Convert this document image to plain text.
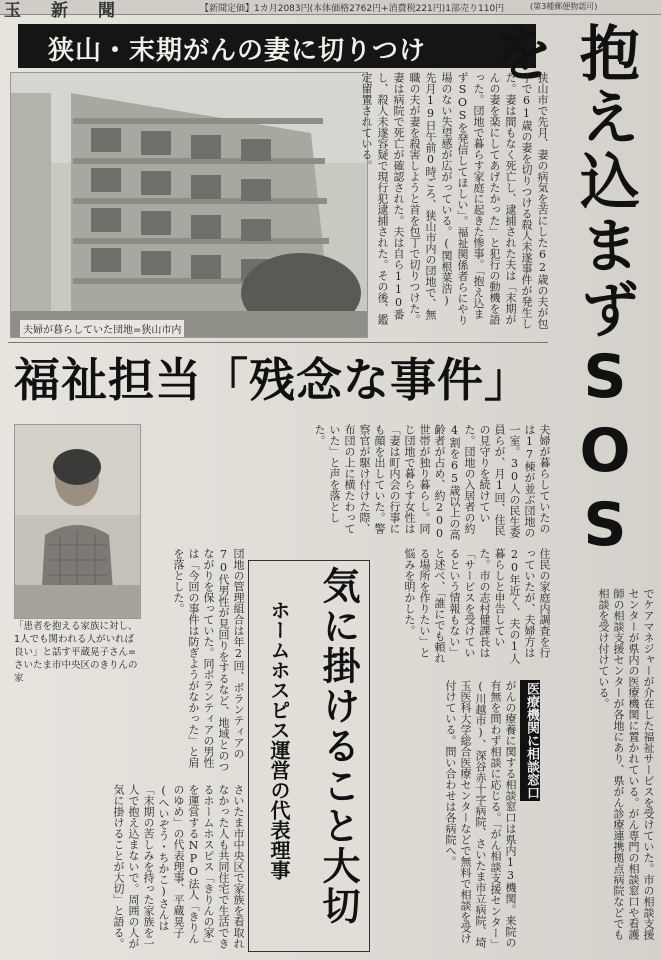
玉新聞	【新聞定価】1カ月2083円(本体価格2762円+消費税221円)1部売り110円	(第3種郵便物認可)
狭山・末期がんの妻に切りつけ 抱え込まずSOSを
夫婦が暮らしていた団地=狭山市内
狭山市で先月、妻の病気を苦にした62歳の夫が包丁で61歳の妻を切りつける殺人未遂事件が発生した。妻は間もなく死亡し、逮捕された夫は「末期がんの妻を楽にしてあげたかった」と犯行の動機を語った。団地で暮らす家庭に起きた惨事。「抱え込まずSOSを発信してほしい」。福祉関係者らにやり場のない失望感が広がっている。(関根菜浩) 先月19日午前0時ごろ、狭山市内の団地で、無職の夫が妻を殺害しようと首を包丁で切りつけた。妻は病院で死亡が確認された。夫は自ら110番し、殺人未遂容疑で現行犯逮捕された。その後、鑑定留置されている。
福祉担当「残念な事件」
夫婦が暮らしていたのは17棟が並ぶ団地の一室。30人の民生委員らが、月1回、住民の見守りを続けていた。団地の入居者の約4割を65歳以上の高齢者が占め、約200世帯が独り暮らし。同じ団地で暮らす女性は「妻は町内会の行事にも顔を出していた。警察官が駆け付けた際、布団の上に横たわっていた」と声を落とした。
「患者を抱える家族に対し、1人でも関われる人がいれば良い」と話す平蔵晃子さん=さいたま市中央区のきりんの家	団地の管理組合は年2回、ボランティアの70代男性が見回りをするなど、地域とのつながりを保っていた。同ボランティアの男性は「今回の事件は防ぎようがなかった」と肩を落とした。	気に掛けること大切
ホームホスピス運営の代表理事	住民の家庭内調査を行っていたが、夫婦方は20年近く、夫の1人暮らしと申告していた。市の志村健課長は「サービスを受けているという情報もない」と述べ、「誰にでも頼れる場所を作りたい」と悩みを明かした。	でケアマネジャーが介在した福祉サービスを受けていた。市の相談支援センターが県内の医療機関に置かれている。がん専門の相談窓口や看護師の相談支援センターが各地にあり、県がん診療連携拠点病院などでも相談を受け付けている。
医療機関に相談窓口
がんの療養に関する相談窓口は県内13機関。来院の有無を問わず相談に応じる。「がん相談支援センター」(川越市)、深谷赤十字病院、さいたま市立病院、埼玉医科大学総合医療センターなどで無料で相談を受け付けている。問い合わせは各病院へ。
さいたま市中央区で家族を看取れなかった人も共同住宅で生活できるホームホスピス「きりんの家」を運営するNPO法人「きりんのゆめ」の代表理事、平蔵晃子(へいぞう・ちかこ)さんは「末期の苦しみを持った家族を一人で抱え込まないで。周囲の人が気に掛けることが大切」と語る。
